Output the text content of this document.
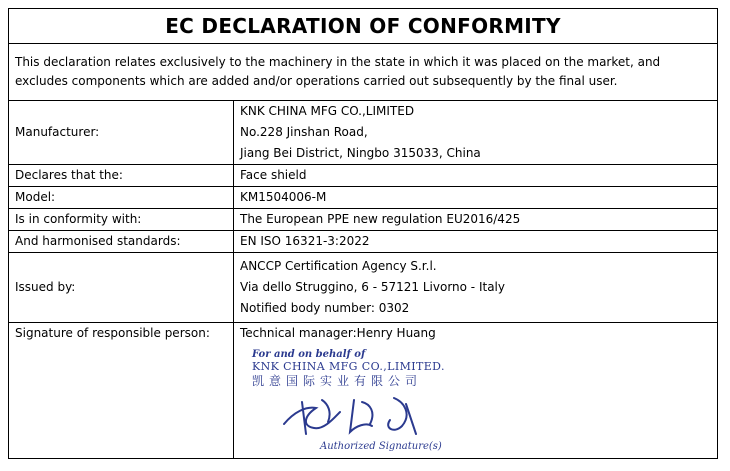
EC DECLARATION OF CONFORMITY	
This declaration relates exclusively to the machinery in the state in which it was placed on the market, and excludes components which are added and/or operations carried out subsequently by the final user.	
Manufacturer:	KNK CHINA MFG CO.,LIMITED
No.228 Jinshan Road,
Jiang Bei District, Ningbo 315033, China

Declares that the:	Face shield
Model:	KM1504006-M
Is in conformity with:	The European PPE new regulation EU2016/425
And harmonised standards:	EN ISO 16321-3:2022
Issued by:	ANCCP Certification Agency S.r.l.
Via dello Struggino, 6 - 57121 Livorno - Italy
Notified body number: 0302

Signature of responsible person:	Technical manager:Henry Huang
For and on behalf of
KNK CHINA MFG CO.,LIMITED.
凯意国际实业有限公司
Authorized Signature(s)
